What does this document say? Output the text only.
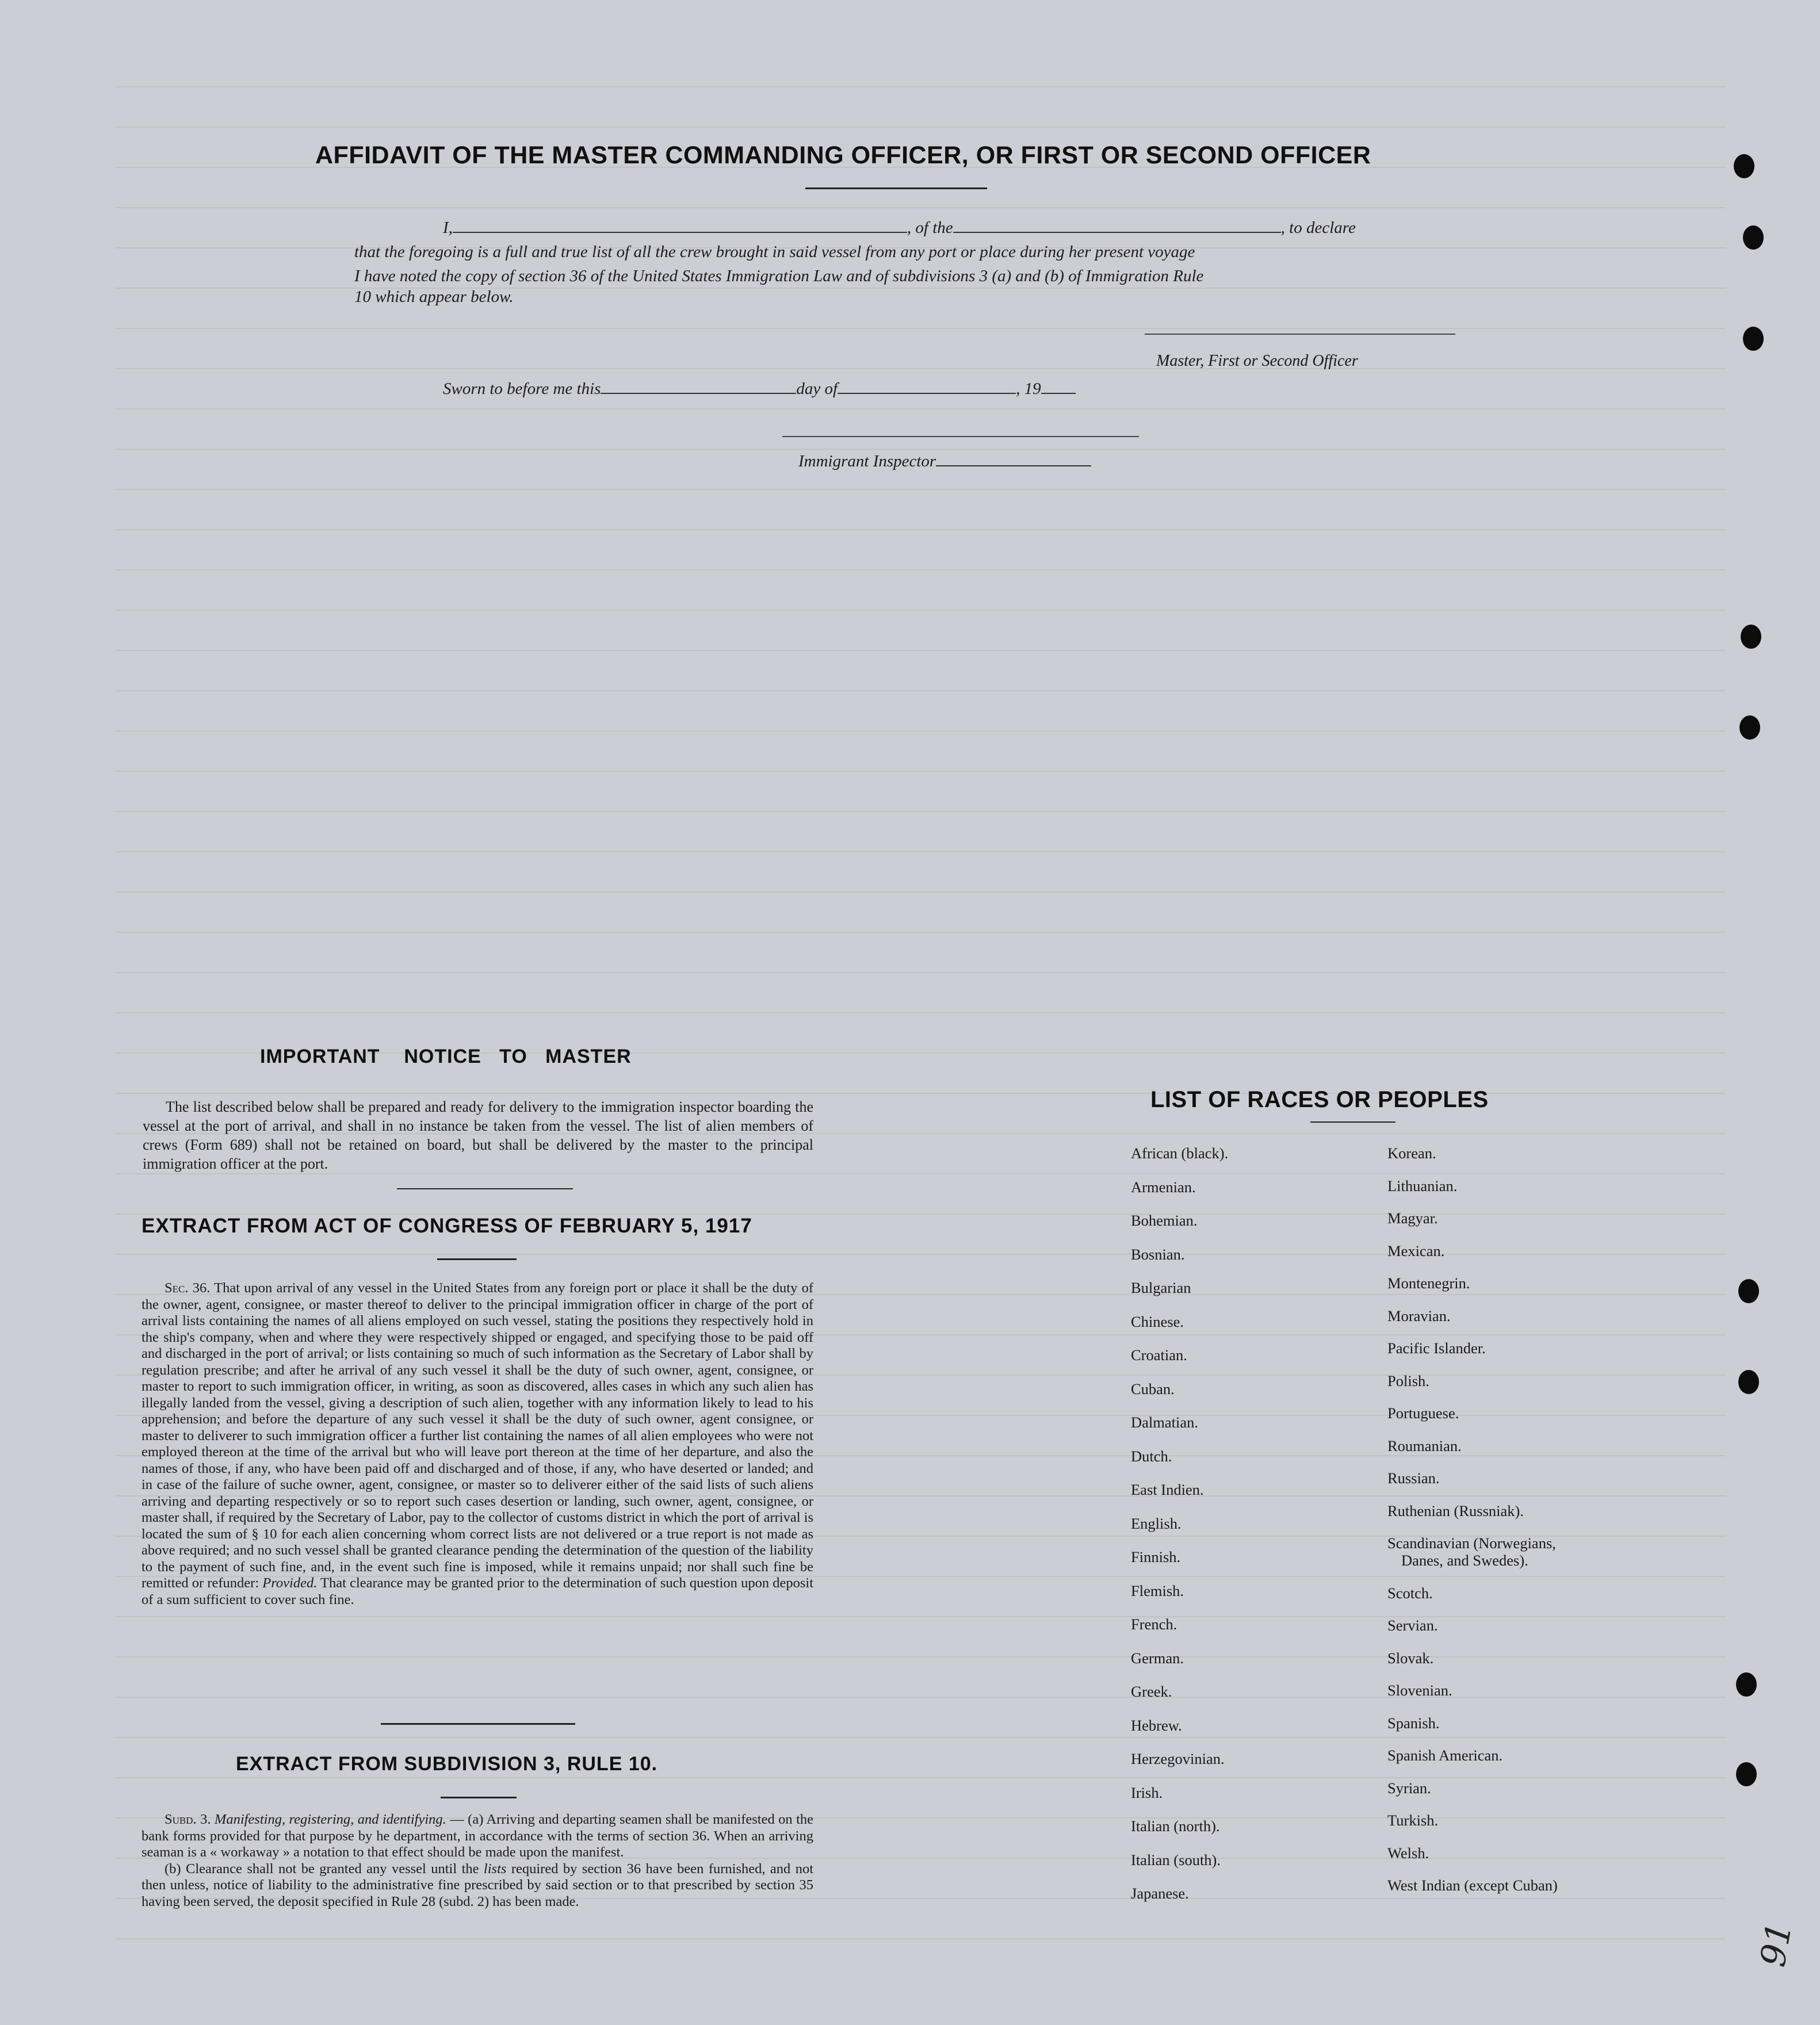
AFFIDAVIT OF THE MASTER COMMANDING OFFICER, OR FIRST OR SECOND OFFICER
I,	, of the	, to declare
that the foregoing is a full and true list of all the crew brought in said vessel from any port or place during her present voyage
I have noted the copy of section 36 of the United States Immigration Law and of subdivisions 3 (a) and (b) of Immigration Rule
10 which appear below.
Master, First or Second Officer
Sworn to before me this	day of	, 19
Immigrant Inspector
IMPORTANT NOTICE TO MASTER

The list described below shall be prepared and ready for delivery to the immigration inspector boarding the vessel at the port of arrival, and shall in no instance be taken from the vessel. The list of alien members of crews (Form 689) shall not be retained on board, but shall be delivered by the master to the principal immigration officer at the port.

EXTRACT FROM ACT OF CONGRESS OF FEBRUARY 5, 1917

Sec. 36. That upon arrival of any vessel in the United States from any foreign port or place it shall be the duty of the owner, agent, consignee, or master thereof to deliver to the principal immigration officer in charge of the port of arrival lists containing the names of all aliens employed on such vessel, stating the positions they respectively hold in the ship's company, when and where they were respectively shipped or engaged, and specifying those to be paid off and discharged in the port of arrival; or lists containing so much of such information as the Secretary of Labor shall by regulation prescribe; and after he arrival of any such vessel it shall be the duty of such owner, agent, consignee, or master to report to such immigration officer, in writing, as soon as discovered, alles cases in which any such alien has illegally landed from the vessel, giving a description of such alien, together with any information likely to lead to his apprehension; and before the departure of any such vessel it shall be the duty of such owner, agent consignee, or master to deliverer to such immigration officer a further list containing the names of all alien employees who were not employed thereon at the time of the arrival but who will leave port thereon at the time of her departure, and also the names of those, if any, who have been paid off and discharged and of those, if any, who have deserted or landed; and in case of the failure of suche owner, agent, consignee, or master so to deliverer either of the said lists of such aliens arriving and departing respectively or so to report such cases desertion or landing, such owner, agent, consignee, or master shall, if required by the Secretary of Labor, pay to the collector of customs district in which the port of arrival is located the sum of § 10 for each alien concerning whom correct lists are not delivered or a true report is not made as above required; and no such vessel shall be granted clearance pending the determination of the question of the liability to the payment of such fine, and, in the event such fine is imposed, while it remains unpaid; nor shall such fine be remitted or refunder: Provided. That clearance may be granted prior to the determination of such question upon deposit of a sum sufficient to cover such fine.

EXTRACT FROM SUBDIVISION 3, RULE 10.

Subd. 3. Manifesting, registering, and identifying. — (a) Arriving and departing seamen shall be manifested on the bank forms provided for that purpose by he department, in accordance with the terms of section 36. When an arriving seaman is a « workaway » a notation to that effect should be made upon the manifest.

(b) Clearance shall not be granted any vessel until the lists required by section 36 have been furnished, and not then unless, notice of liability to the administrative fine prescribed by said section or to that prescribed by section 35 having been served, the deposit specified in Rule 28 (subd. 2) has been made.

LIST OF RACES OR PEOPLES
African (black).
Armenian.
Bohemian.
Bosnian.
Bulgarian
Chinese.
Croatian.
Cuban.
Dalmatian.
Dutch.
East Indien.
English.
Finnish.
Flemish.
French.
German.
Greek.
Hebrew.
Herzegovinian.
Irish.
Italian (north).
Italian (south).
Japanese.
Korean.
Lithuanian.
Magyar.
Mexican.
Montenegrin.
Moravian.
Pacific Islander.
Polish.
Portuguese.
Roumanian.
Russian.
Ruthenian (Russniak).
Scandinavian (Norwegians,
Danes, and Swedes).
Scotch.
Servian.
Slovak.
Slovenian.
Spanish.
Spanish American.
Syrian.
Turkish.
Welsh.
West Indian (except Cuban)
91
